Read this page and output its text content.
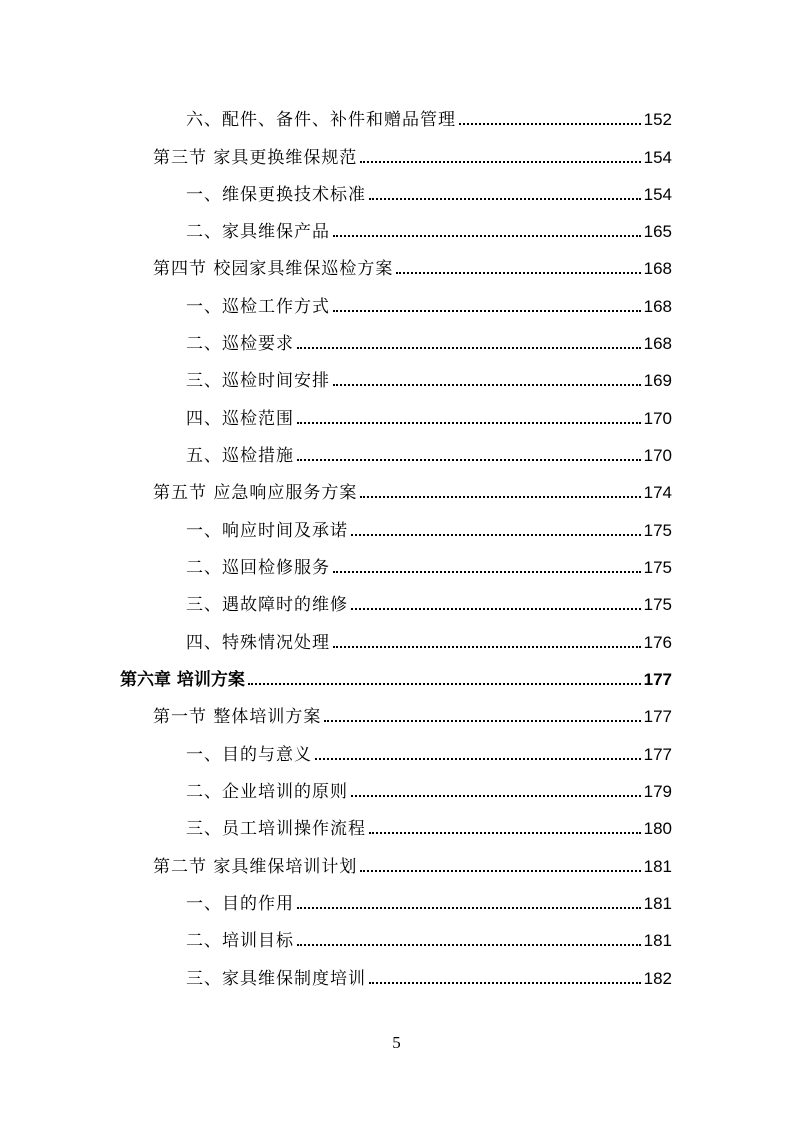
六、配件、备件、补件和赠品管理	152
第三节 家具更换维保规范	154
一、维保更换技术标准	154
二、家具维保产品	165
第四节 校园家具维保巡检方案	168
一、巡检工作方式	168
二、巡检要求	168
三、巡检时间安排	169
四、巡检范围	170
五、巡检措施	170
第五节 应急响应服务方案	174
一、响应时间及承诺	175
二、巡回检修服务	175
三、遇故障时的维修	175
四、特殊情况处理	176
第六章 培训方案	177
第一节 整体培训方案	177
一、目的与意义	177
二、企业培训的原则	179
三、员工培训操作流程	180
第二节 家具维保培训计划	181
一、目的作用	181
二、培训目标	181
三、家具维保制度培训	182
5
